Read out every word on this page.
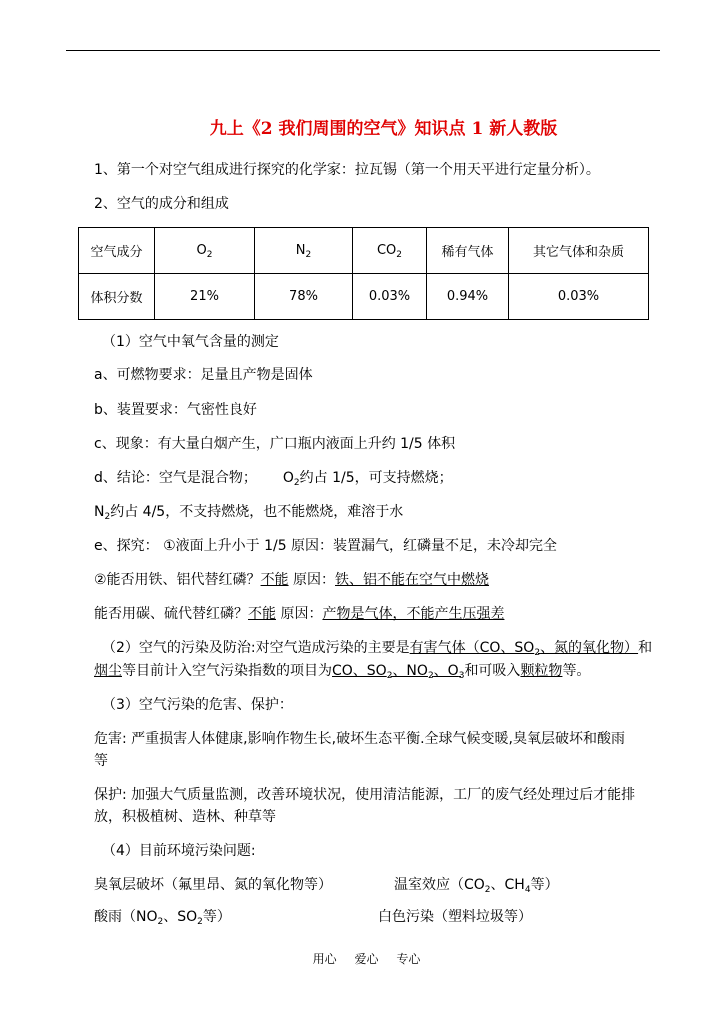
九上《2 我们周围的空气》知识点 1 新人教版
1、第一个对空气组成进行探究的化学家：拉瓦锡（第一个用天平进行定量分析）。
2、空气的成分和组成
空气成分	$O_2$	$N_2$	$CO_2$	稀有气体	其它气体和杂质
体积分数	21%	78%	0.03%	0.94%	0.03%
（1）空气中氧气含量的测定
a、可燃物要求：足量且产物是固体
b、装置要求：气密性良好
c、现象：有大量白烟产生，广口瓶内液面上升约 1/5 体积
d、结论：空气是混合物； $O_2$约占 1/5，可支持燃烧；
$N_2$约占 4/5，不支持燃烧，也不能燃烧，难溶于水
e、探究： ①液面上升小于 1/5 原因：装置漏气，红磷量不足，未冷却完全
②能否用铁、铝代替红磷？不能 原因：铁、铝不能在空气中燃烧
能否用碳、硫代替红磷？不能 原因：产物是气体，不能产生压强差
（2）空气的污染及防治:对空气造成污染的主要是有害气体（CO、$SO_2$、氮的氧化物）和
烟尘等目前计入空气污染指数的项目为CO、$SO_2$、$NO_2$、$O_3$和可吸入颗粒物等。
（3）空气污染的危害、保护：
危害: 严重损害人体健康,影响作物生长,破坏生态平衡.全球气候变暖,臭氧层破坏和酸雨
等
保护: 加强大气质量监测，改善环境状况，使用清洁能源，工厂的废气经处理过后才能排
放，积极植树、造林、种草等
（4）目前环境污染问题:
臭氧层破坏（氟里昂、氮的氧化物等）	温室效应（$CO_2$、$CH_4$等）
酸雨（$NO_2$、$SO_2$等）	白色污染（塑料垃圾等）
用心 爱心 专心
